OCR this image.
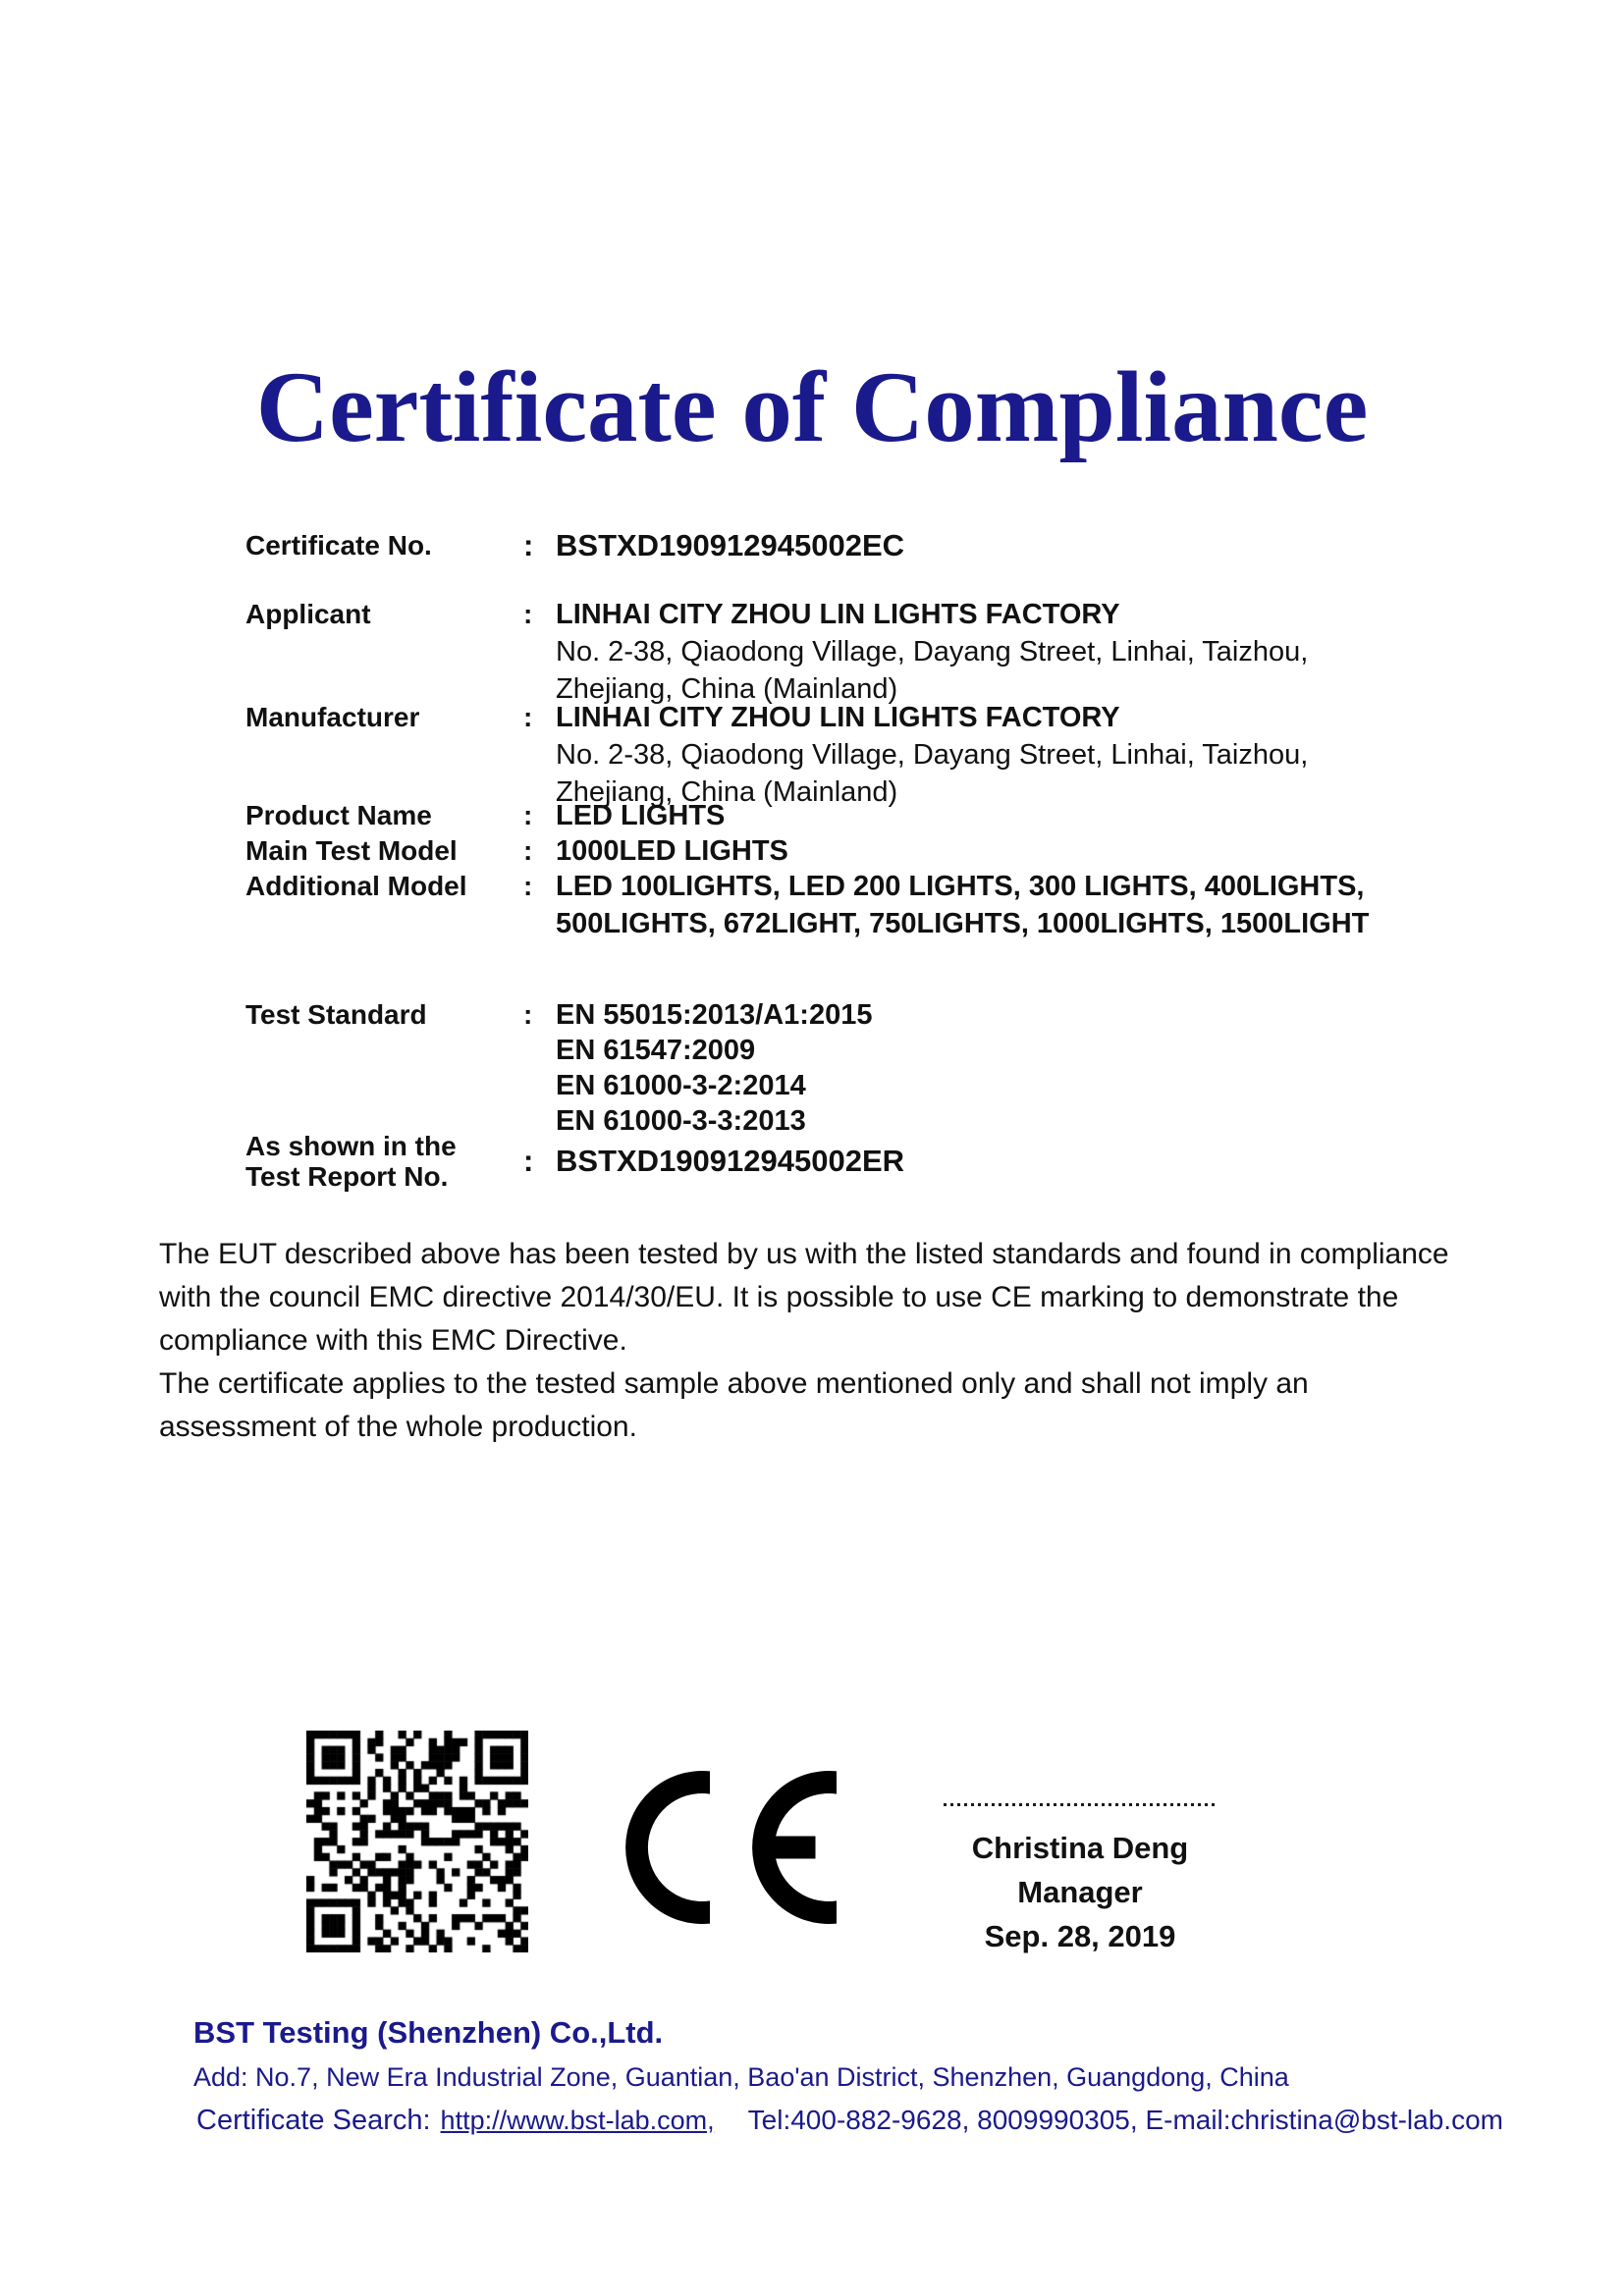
Certificate of Compliance
Certificate No.	: BSTXD190912945002EC
Applicant	: LINHAI CITY ZHOU LIN LIGHTS FACTORY
No. 2-38, Qiaodong Village, Dayang Street, Linhai, Taizhou,
Zhejiang, China (Mainland)
Manufacturer	: LINHAI CITY ZHOU LIN LIGHTS FACTORY
No. 2-38, Qiaodong Village, Dayang Street, Linhai, Taizhou,
Zhejiang, China (Mainland)
Product Name	: LED LIGHTS
Main Test Model	: 1000LED LIGHTS
Additional Model	: LED 100LIGHTS, LED 200 LIGHTS, 300 LIGHTS, 400LIGHTS,
500LIGHTS, 672LIGHT, 750LIGHTS, 1000LIGHTS, 1500LIGHT
Test Standard	: EN 55015:2013/A1:2015
EN 61547:2009
EN 61000-3-2:2014
EN 61000-3-3:2013
As shown in the
Test Report No.	: BSTXD190912945002ER

The EUT described above has been tested by us with the listed standards and found in compliance with the council EMC directive 2014/30/EU. It is possible to use CE marking to demonstrate the compliance with this EMC Directive.

The certificate applies to the tested sample above mentioned only and shall not imply an assessment of the whole production.

Christina Deng
Manager
Sep. 28, 2019
BST Testing (Shenzhen) Co.,Ltd.
Add: No.7, New Era Industrial Zone, Guantian, Bao'an District, Shenzhen, Guangdong, China
Certificate Search: http://www.bst-lab.com, Tel:400-882-9628, 8009990305, E-mail:christina@bst-lab.com
